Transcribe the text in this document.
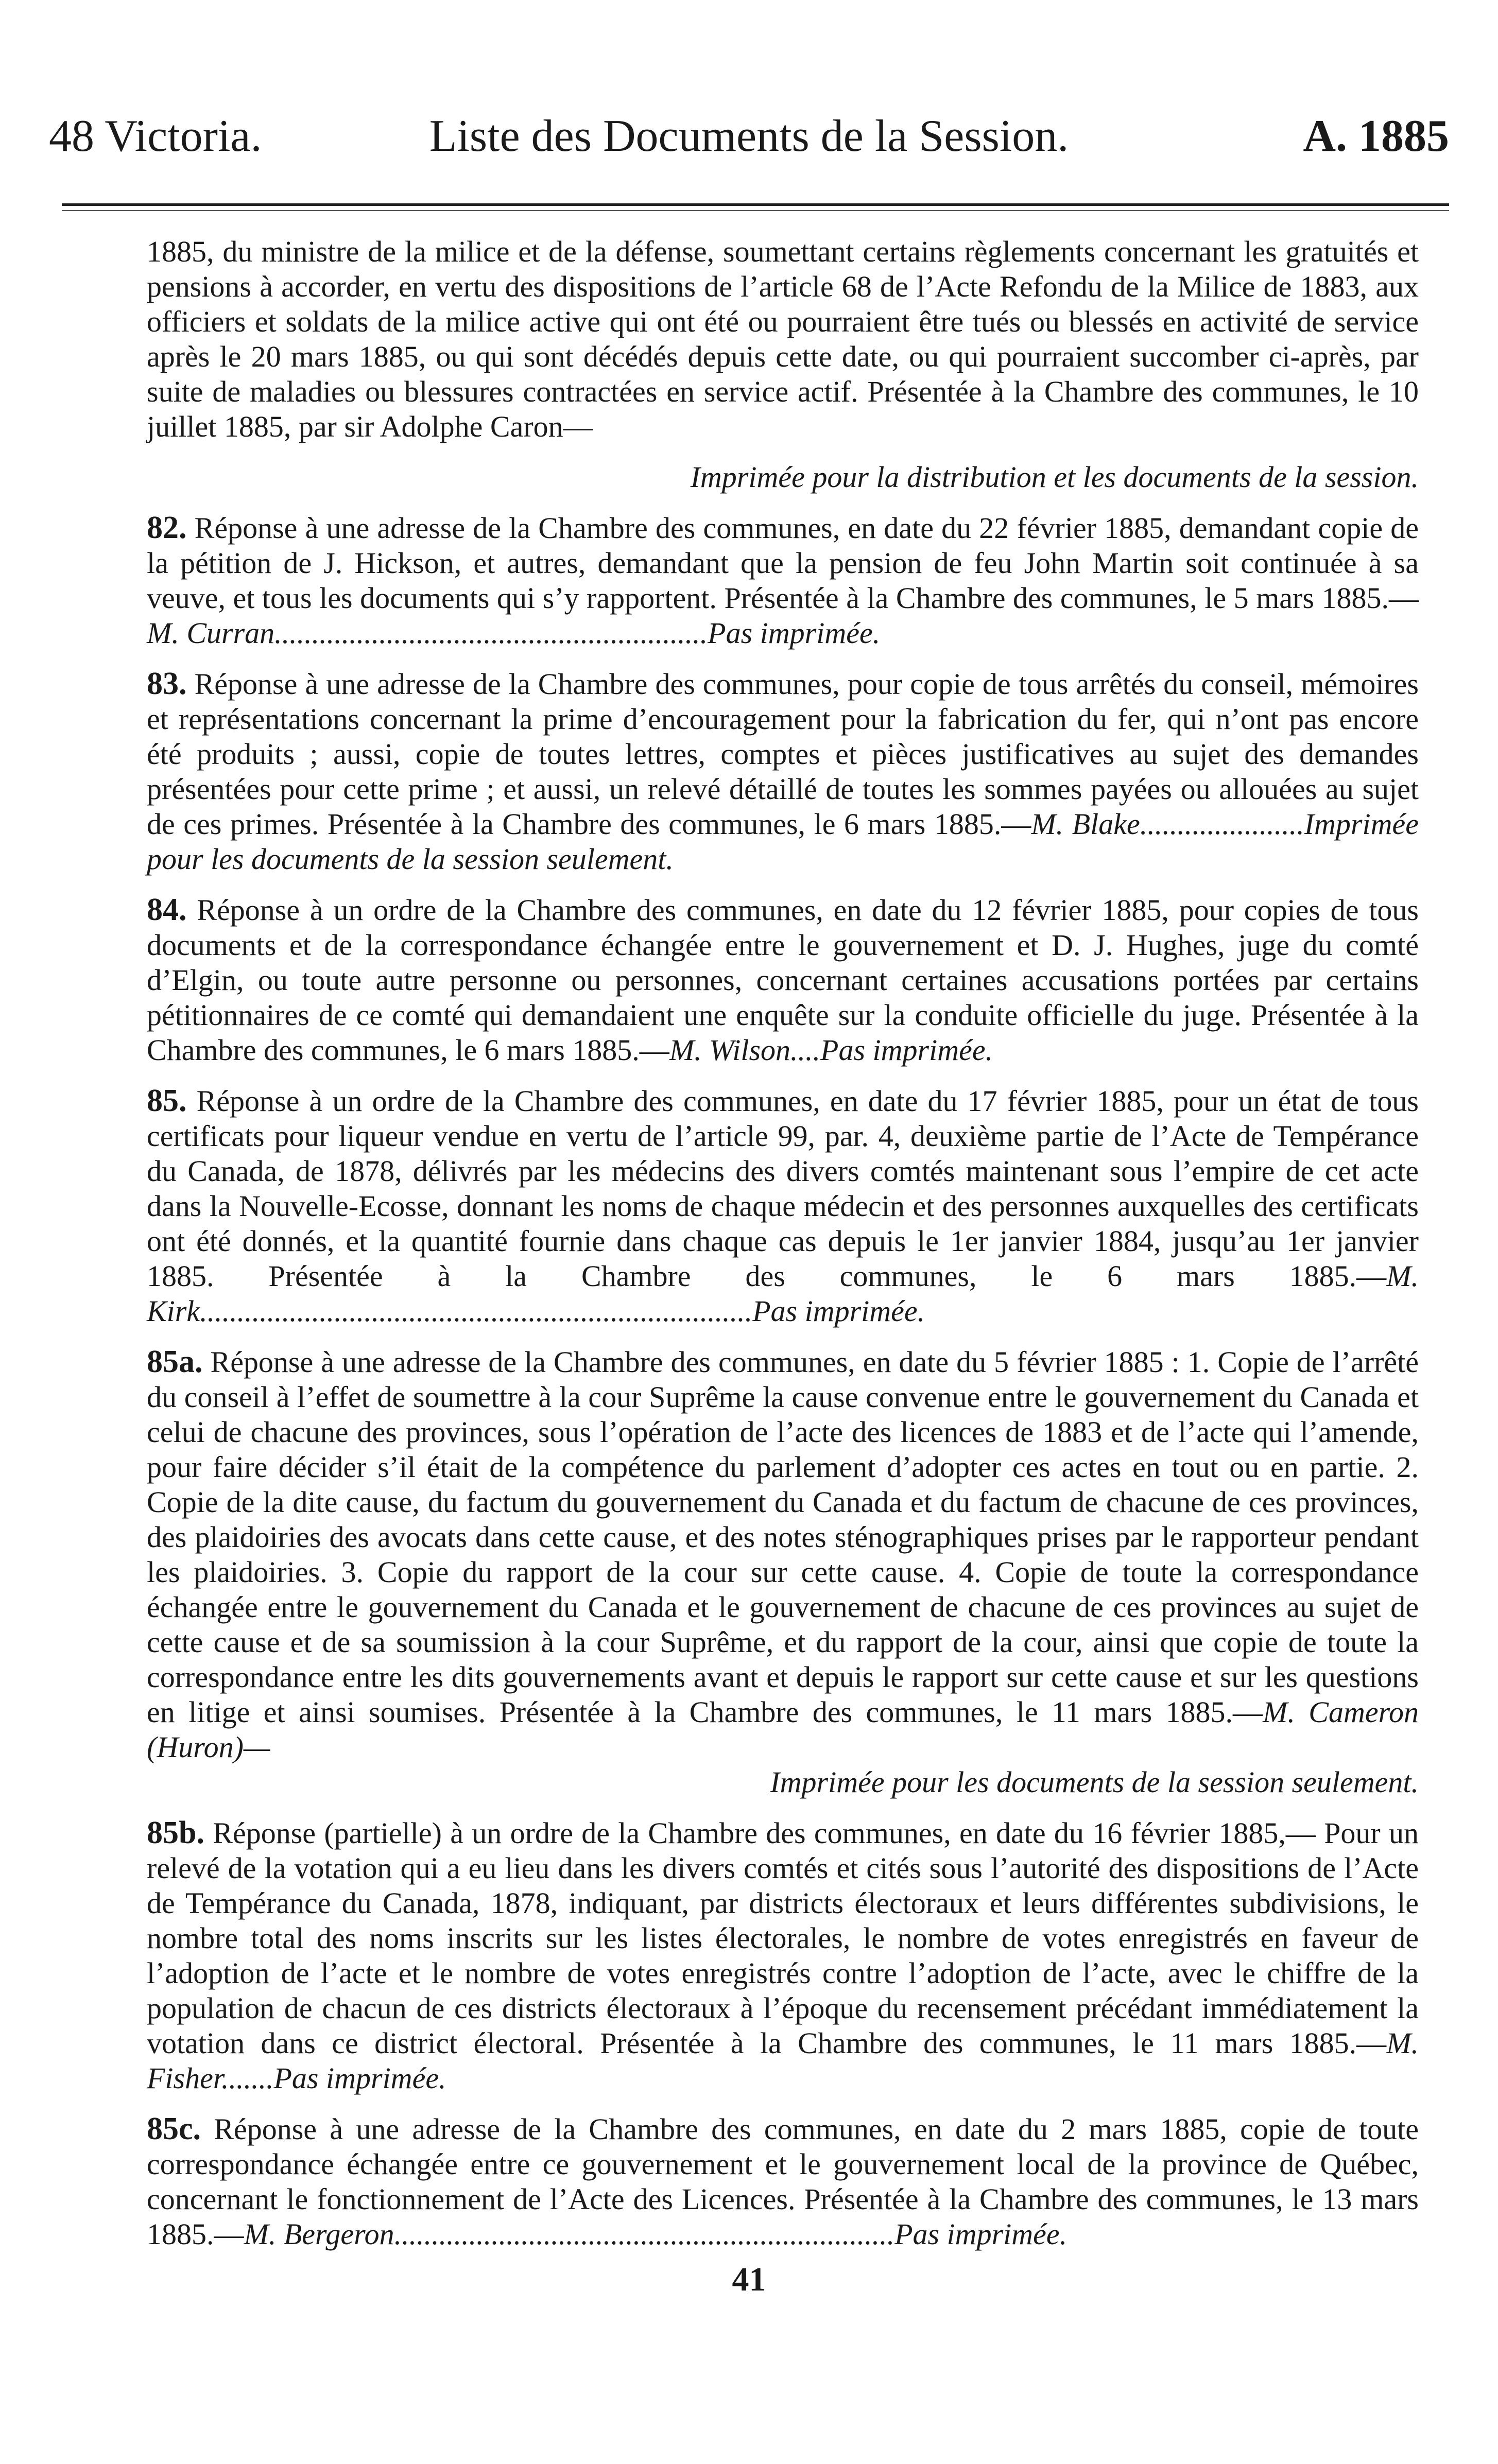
48 Victoria.	Liste des Documents de la Session.	A. 1885

1885, du ministre de la milice et de la défense, soumettant certains règlements concernant les gratuités et pensions à accorder, en vertu des dispositions de l’article 68 de l’Acte Refondu de la Milice de 1883, aux officiers et soldats de la milice active qui ont été ou pourraient être tués ou blessés en activité de service après le 20 mars 1885, ou qui sont décédés depuis cette date, ou qui pourraient succomber ci-après, par suite de maladies ou blessures contractées en service actif. Présentée à la Chambre des communes, le 10 juillet 1885, par sir Adolphe Caron—

Imprimée pour la distribution et les documents de la session.

82. Réponse à une adresse de la Chambre des communes, en date du 22 février 1885, demandant copie de la pétition de J. Hickson, et autres, demandant que la pension de feu John Martin soit continuée à sa veuve, et tous les documents qui s’y rapportent. Présentée à la Chambre des communes, le 5 mars 1885.—M. Curran..........................................................Pas imprimée.

83. Réponse à une adresse de la Chambre des communes, pour copie de tous arrêtés du conseil, mémoires et représentations concernant la prime d’encouragement pour la fabrication du fer, qui n’ont pas encore été produits ; aussi, copie de toutes lettres, comptes et pièces justificatives au sujet des demandes présentées pour cette prime ; et aussi, un relevé détaillé de toutes les sommes payées ou allouées au sujet de ces primes. Présentée à la Chambre des communes, le 6 mars 1885.—M. Blake......................Imprimée pour les documents de la session seulement.

84. Réponse à un ordre de la Chambre des communes, en date du 12 février 1885, pour copies de tous documents et de la correspondance échangée entre le gouvernement et D. J. Hughes, juge du comté d’Elgin, ou toute autre personne ou personnes, concernant certaines accusations portées par certains pétitionnaires de ce comté qui demandaient une enquête sur la conduite officielle du juge. Présentée à la Chambre des communes, le 6 mars 1885.—M. Wilson....Pas imprimée.

85. Réponse à un ordre de la Chambre des communes, en date du 17 février 1885, pour un état de tous certificats pour liqueur vendue en vertu de l’article 99, par. 4, deuxième partie de l’Acte de Tempérance du Canada, de 1878, délivrés par les médecins des divers comtés maintenant sous l’empire de cet acte dans la Nouvelle-Ecosse, donnant les noms de chaque médecin et des personnes auxquelles des certificats ont été donnés, et la quantité fournie dans chaque cas depuis le 1er janvier 1884, jusqu’au 1er janvier 1885. Présentée à la Chambre des communes, le 6 mars 1885.—M. Kirk..........................................................................Pas imprimée.

85a. Réponse à une adresse de la Chambre des communes, en date du 5 février 1885 : 1. Copie de l’arrêté du conseil à l’effet de soumettre à la cour Suprême la cause convenue entre le gouvernement du Canada et celui de chacune des provinces, sous l’opération de l’acte des licences de 1883 et de l’acte qui l’amende, pour faire décider s’il était de la compétence du parlement d’adopter ces actes en tout ou en partie. 2. Copie de la dite cause, du factum du gouvernement du Canada et du factum de chacune de ces provinces, des plaidoiries des avocats dans cette cause, et des notes sténographiques prises par le rapporteur pendant les plaidoiries. 3. Copie du rapport de la cour sur cette cause. 4. Copie de toute la correspondance échangée entre le gouvernement du Canada et le gouvernement de chacune de ces provinces au sujet de cette cause et de sa soumission à la cour Suprême, et du rapport de la cour, ainsi que copie de toute la correspondance entre les dits gouvernements avant et depuis le rapport sur cette cause et sur les questions en litige et ainsi soumises. Présentée à la Chambre des communes, le 11 mars 1885.—M. Cameron (Huron)—

Imprimée pour les documents de la session seulement.

85b. Réponse (partielle) à un ordre de la Chambre des communes, en date du 16 février 1885,— Pour un relevé de la votation qui a eu lieu dans les divers comtés et cités sous l’autorité des dispositions de l’Acte de Tempérance du Canada, 1878, indiquant, par districts électoraux et leurs différentes subdivisions, le nombre total des noms inscrits sur les listes électorales, le nombre de votes enregistrés en faveur de l’adoption de l’acte et le nombre de votes enregistrés contre l’adoption de l’acte, avec le chiffre de la population de chacun de ces districts électoraux à l’époque du recensement précédant immédiatement la votation dans ce district électoral. Présentée à la Chambre des communes, le 11 mars 1885.—M. Fisher.......Pas imprimée.

85c. Réponse à une adresse de la Chambre des communes, en date du 2 mars 1885, copie de toute correspondance échangée entre ce gouvernement et le gouvernement local de la province de Québec, concernant le fonctionnement de l’Acte des Licences. Présentée à la Chambre des communes, le 13 mars 1885.—M. Bergeron...................................................................Pas imprimée.

41
